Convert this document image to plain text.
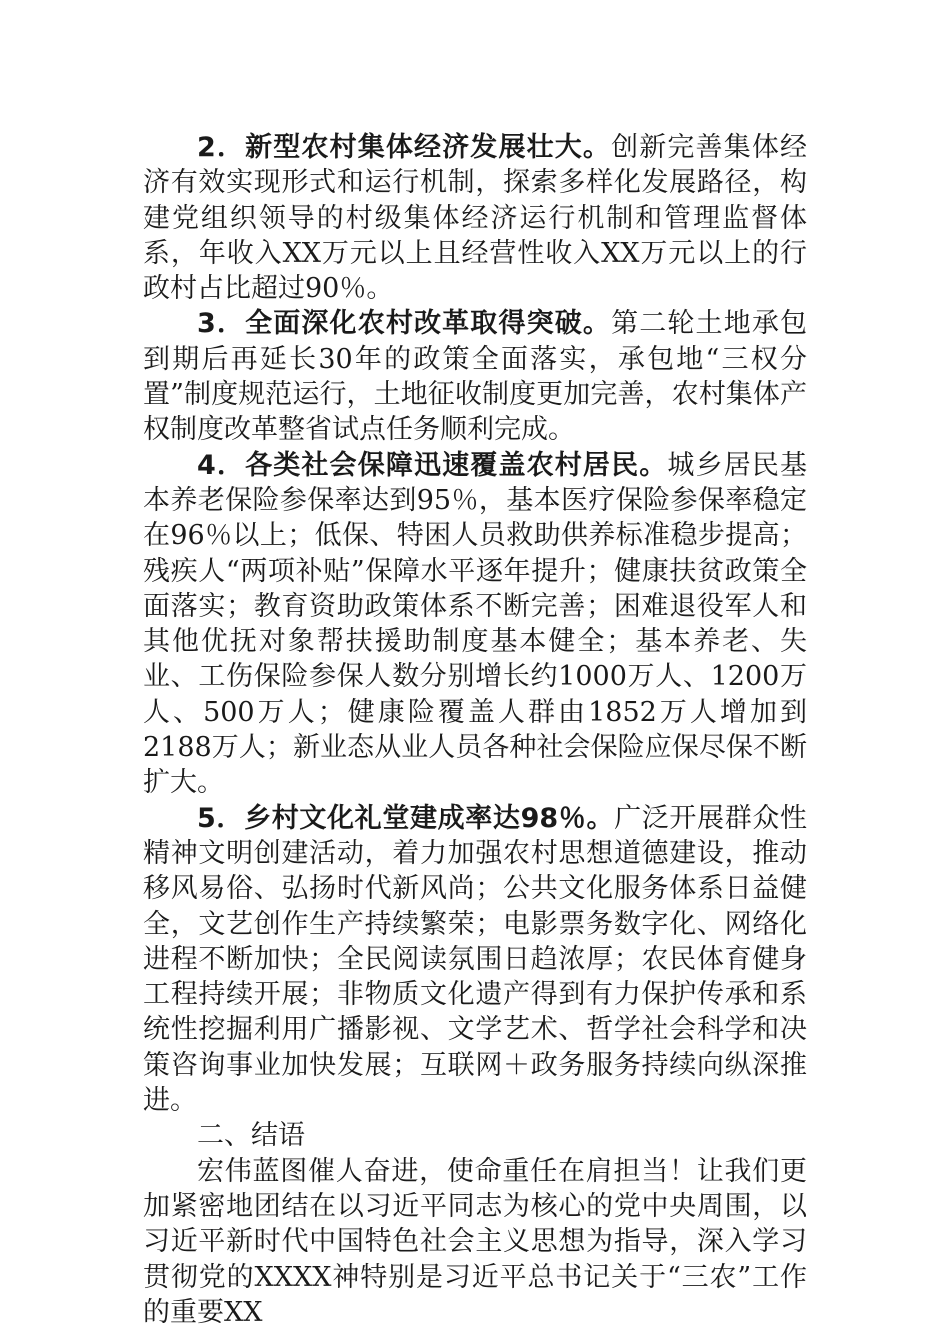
2．新型农村集体经济发展壮大。创新完善集体经济有效实现形式和运行机制，探索多样化发展路径，构建党组织领导的村级集体经济运行机制和管理监督体系，年收入XX万元以上且经营性收入XX万元以上的行政村占比超过90％。

3．全面深化农村改革取得突破。第二轮土地承包到期后再延长30年的政策全面落实，承包地“三权分置”制度规范运行，土地征收制度更加完善，农村集体产权制度改革整省试点任务顺利完成。

4．各类社会保障迅速覆盖农村居民。城乡居民基本养老保险参保率达到95％，基本医疗保险参保率稳定在96％以上；低保、特困人员救助供养标准稳步提高；残疾人“两项补贴”保障水平逐年提升；健康扶贫政策全面落实；教育资助政策体系不断完善；困难退役军人和其他优抚对象帮扶援助制度基本健全；基本养老、失业、工伤保险参保人数分别增长约1000万人、1200万人、500万人；健康险覆盖人群由1852万人增加到2188万人；新业态从业人员各种社会保险应保尽保不断扩大。

5．乡村文化礼堂建成率达98％。广泛开展群众性精神文明创建活动，着力加强农村思想道德建设，推动移风易俗、弘扬时代新风尚；公共文化服务体系日益健全，文艺创作生产持续繁荣；电影票务数字化、网络化进程不断加快；全民阅读氛围日趋浓厚；农民体育健身工程持续开展；非物质文化遗产得到有力保护传承和系统性挖掘利用广播影视、文学艺术、哲学社会科学和决策咨询事业加快发展；互联网＋政务服务持续向纵深推进。

二、结语

宏伟蓝图催人奋进，使命重任在肩担当！让我们更加紧密地团结在以习近平同志为核心的党中央周围，以习近平新时代中国特色社会主义思想为指导，深入学习贯彻党的XXXX神特别是习近平总书记关于“三农”工作的重要XX
